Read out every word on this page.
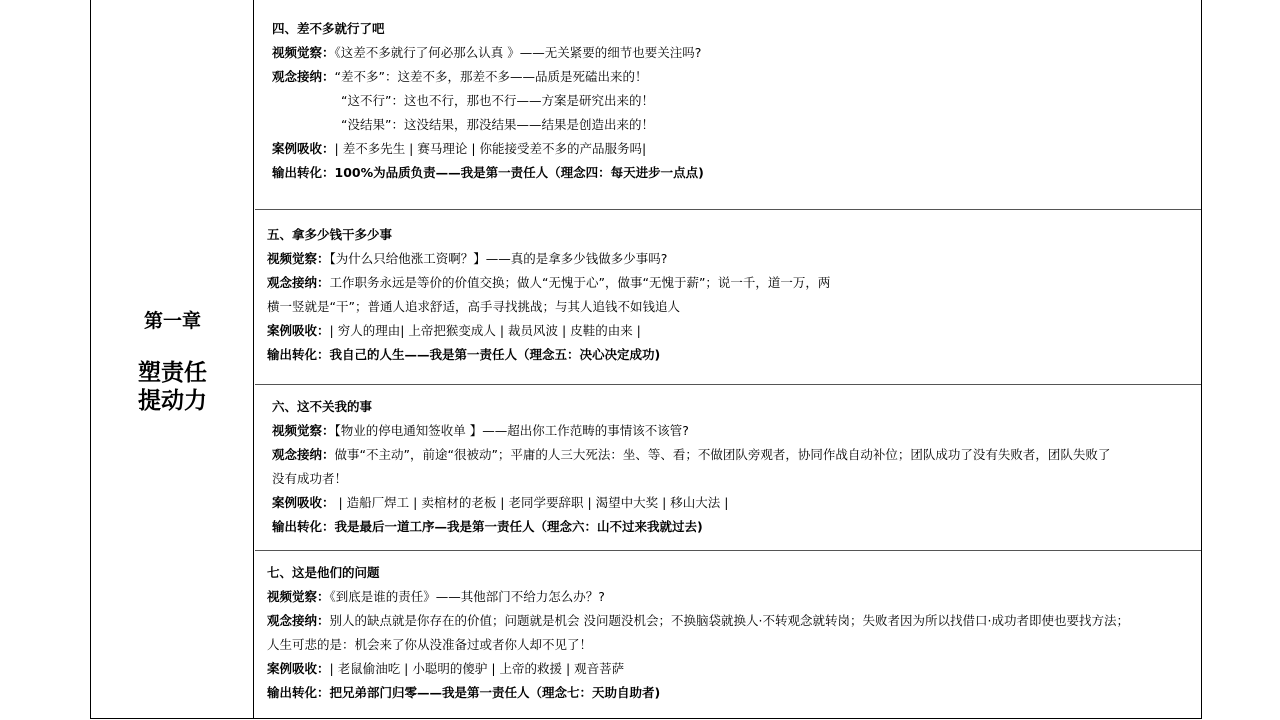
第一章
塑责任
提动力
四、差不多就行了吧
视频觉察：《这差不多就行了何必那么认真 》——无关紧要的细节也要关注吗?
观念接纳：“差不多”：这差不多，那差不多——品质是死磕出来的！
“这不行”：这也不行，那也不行——方案是研究出来的！
“没结果”：这没结果，那没结果——结果是创造出来的！
案例吸收：| 差不多先生 | 赛马理论 | 你能接受差不多的产品服务吗|
输出转化：100%为品质负责——我是第一责任人（理念四：每天进步一点点)
五、拿多少钱干多少事
视频觉察：【为什么只给他涨工资啊？】——真的是拿多少钱做多少事吗?
观念接纳：工作职务永远是等价的价值交换；做人“无愧于心”，做事“无愧于薪”；说一千，道一万，两
横一竖就是“干”；普通人追求舒适，高手寻找挑战；与其人追钱不如钱追人
案例吸收：| 穷人的理由| 上帝把猴变成人 | 裁员风波 | 皮鞋的由来 |
输出转化：我自己的人生——我是第一责任人（理念五：决心决定成功)
六、这不关我的事
视频觉察：【物业的停电通知签收单 】——超出你工作范畴的事情该不该管?
观念接纳：做事“不主动”，前途“很被动”；平庸的人三大死法：坐、等、看；不做团队旁观者，协同作战自动补位；团队成功了没有失败者，团队失败了
没有成功者！
案例吸收： | 造船厂焊工 | 卖棺材的老板 | 老同学要辞职 | 渴望中大奖 | 移山大法 |
输出转化：我是最后一道工序—我是第一责任人（理念六：山不过来我就过去)
七、这是他们的问题
视频觉察：《到底是谁的责任》——其他部门不给力怎么办？?
观念接纳：别人的缺点就是你存在的价值；问题就是机会 没问题没机会；不换脑袋就换人·不转观念就转岗；失败者因为所以找借口·成功者即使也要找方法；
人生可悲的是：机会来了你从没准备过或者你人却不见了！
案例吸收：| 老鼠偷油吃 | 小聪明的傻驴 | 上帝的救援 | 观音菩萨
输出转化：把兄弟部门归零——我是第一责任人（理念七：天助自助者)
